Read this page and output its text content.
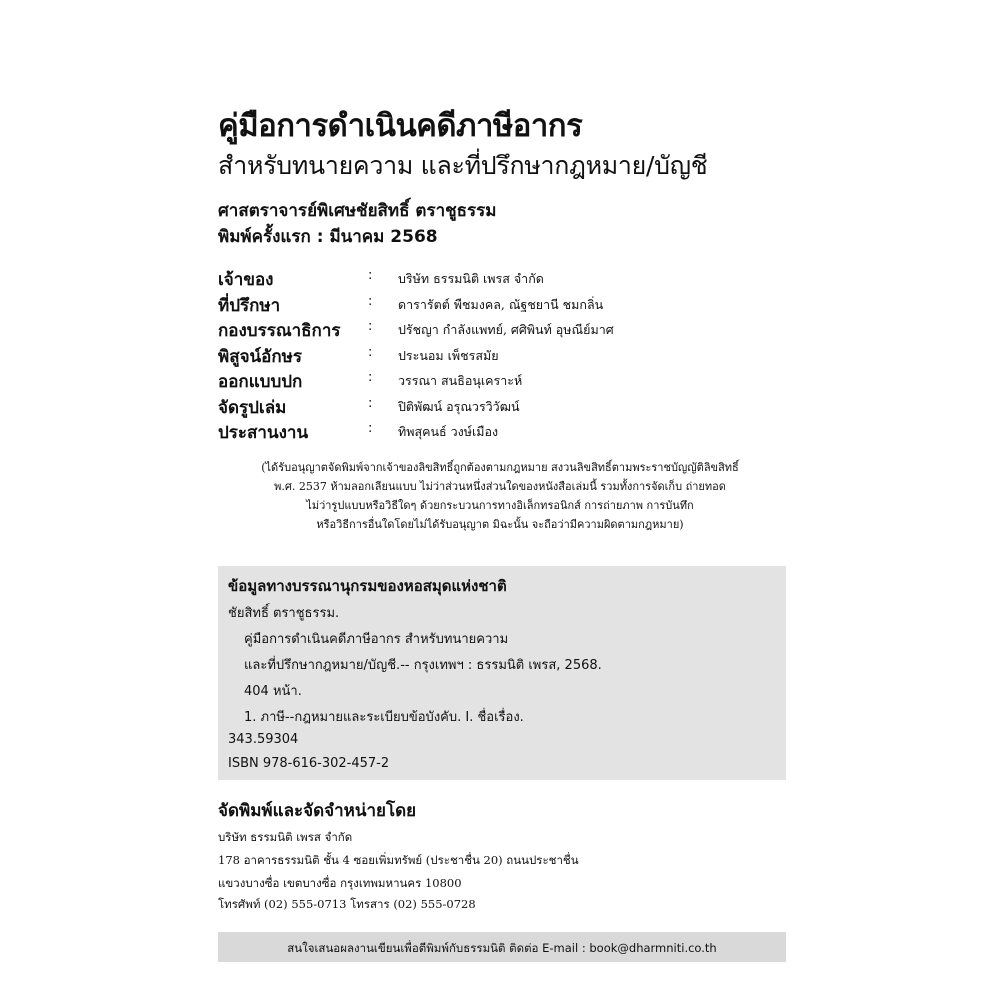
คู่มือการดำเนินคดีภาษีอากร
สำหรับทนายความ และที่ปรึกษากฎหมาย/บัญชี
ศาสตราจารย์พิเศษชัยสิทธิ์ ตราชูธรรม
พิมพ์ครั้งแรก : มีนาคม 2568
เจ้าของ	: บริษัท ธรรมนิติ เพรส จำกัด
ที่ปรึกษา	: ดารารัตต์ พืชมงคล, ณัฐชยานี ชมกลิ่น
กองบรรณาธิการ : ปรัชญา กำลังแพทย์, ศศิพินท์ อุษณีย์มาศ
พิสูจน์อักษร	: ประนอม เพ็ชรสมัย
ออกแบบปก	: วรรณา สนธิอนุเคราะห์
จัดรูปเล่ม	: ปิติพัฒน์ อรุณวรวิวัฒน์
ประสานงาน	: ทิพสุคนธ์ วงษ์เมือง
(ได้รับอนุญาตจัดพิมพ์จากเจ้าของลิขสิทธิ์ถูกต้องตามกฎหมาย สงวนลิขสิทธิ์ตามพระราชบัญญัติลิขสิทธิ์
พ.ศ. 2537 ห้ามลอกเลียนแบบ ไม่ว่าส่วนหนึ่งส่วนใดของหนังสือเล่มนี้ รวมทั้งการจัดเก็บ ถ่ายทอด
ไม่ว่ารูปแบบหรือวิธีใดๆ ด้วยกระบวนการทางอิเล็กทรอนิกส์ การถ่ายภาพ การบันทึก
หรือวิธีการอื่นใดโดยไม่ได้รับอนุญาต มิฉะนั้น จะถือว่ามีความผิดตามกฎหมาย)
ข้อมูลทางบรรณานุกรมของหอสมุดแห่งชาติ
ชัยสิทธิ์ ตราชูธรรม.
คู่มือการดำเนินคดีภาษีอากร สำหรับทนายความ
และที่ปรึกษากฎหมาย/บัญชี.-- กรุงเทพฯ : ธรรมนิติ เพรส, 2568.
404 หน้า.
1. ภาษี--กฎหมายและระเบียบข้อบังคับ. I. ชื่อเรื่อง.
343.59304
ISBN 978-616-302-457-2
จัดพิมพ์และจัดจำหน่ายโดย
บริษัท ธรรมนิติ เพรส จำกัด
178 อาคารธรรมนิติ ชั้น 4 ซอยเพิ่มทรัพย์ (ประชาชื่น 20) ถนนประชาชื่น
แขวงบางซื่อ เขตบางซื่อ กรุงเทพมหานคร 10800
โทรศัพท์ (02) 555-0713 โทรสาร (02) 555-0728
สนใจเสนอผลงานเขียนเพื่อตีพิมพ์กับธรรมนิติ ติดต่อ E-mail : book@dharmniti.co.th
